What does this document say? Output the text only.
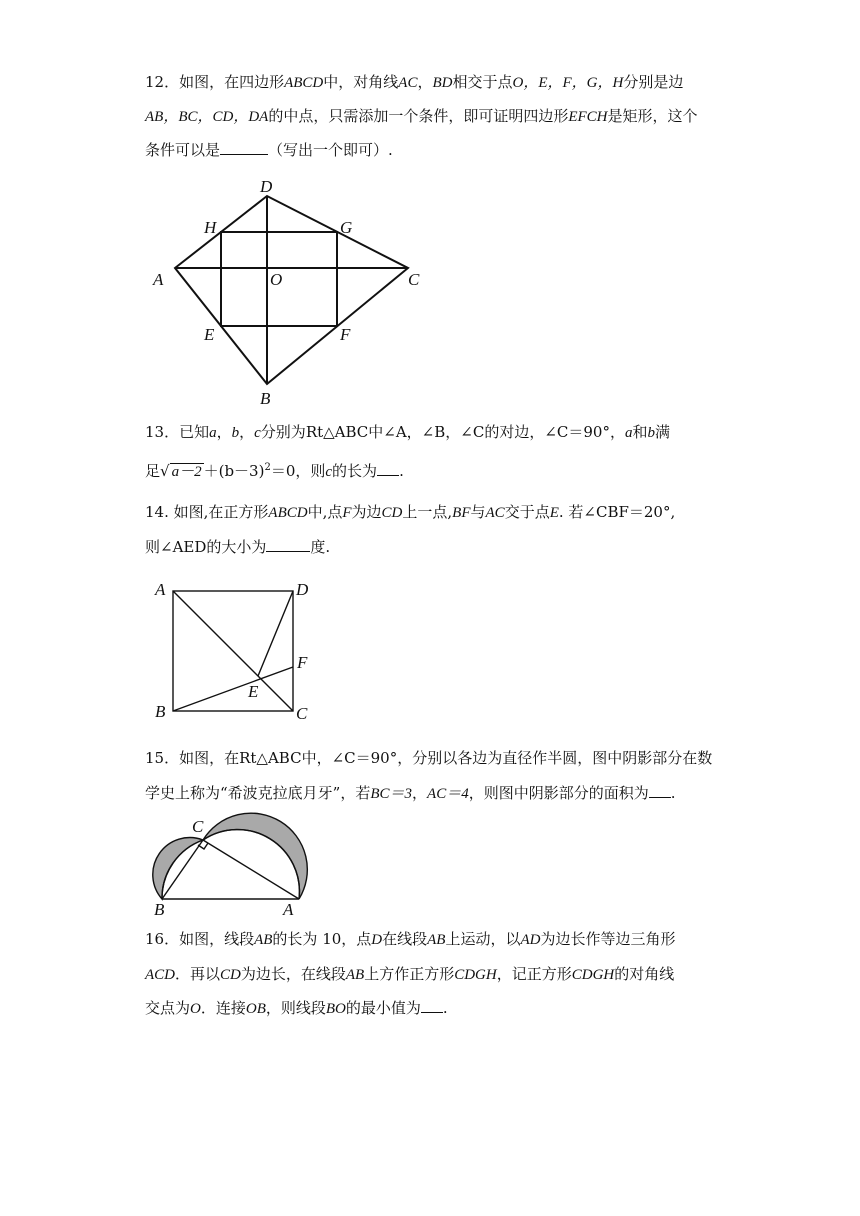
12．如图，在四边形ABCD中，对角线AC，BD相交于点O，E，F，G，H分别是边
AB，BC，CD，DA的中点，只需添加一个条件，即可证明四边形EFCH是矩形，这个
条件可以是	（写出一个即可）.
D
H	G
A	O	C
E	F
B
13．已知a，b，c分别为Rt△ABC中∠A，∠B，∠C的对边，∠C＝90°，a和b满
足√ $a-2 +(b-3)^2=0$，则c的长为 .
14. 如图,在正方形ABCD中,点F为边CD上一点,BF与AC交于点E. 若∠CBF＝20°,
则∠AED的大小为	度.
A	D
F
E
B	C
15．如图，在Rt△ABC中，∠C＝90°，分别以各边为直径作半圆，图中阴影部分在数
学史上称为“希波克拉底月牙”，若BC＝3，AC＝4，则图中阴影部分的面积为 .
C
B	A
16．如图，线段AB的长为 10，点D在线段AB上运动，以AD为边长作等边三角形
ACD．再以CD为边长，在线段AB上方作正方形CDGH，记正方形CDGH的对角线
交点为O．连接OB，则线段BO的最小值为 .
